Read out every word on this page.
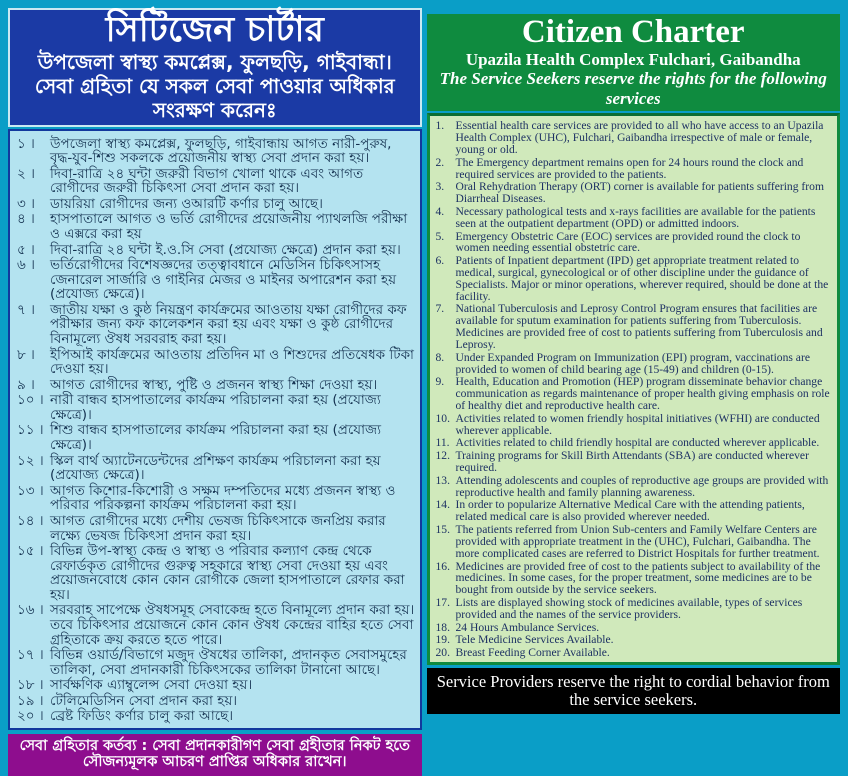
সিটিজেন চার্টার
উপজেলা স্বাস্থ্য কমপ্লেক্স, ফুলছড়ি, গাইবান্ধা।
সেবা গ্রহিতা যে সকল সেবা পাওয়ার অধিকার সংরক্ষণ করেনঃ
১ ।	উপজেলা স্বাস্থ্য কমপ্লেক্স, ফুলছড়ি, গাইবান্ধায় আগত নারী-পুরুষ, বৃদ্ধ-যুব-শিশু সকলকে প্রয়োজনীয় স্বাস্থ্য সেবা প্রদান করা হয়।
২ ।	দিবা-রাত্রি ২৪ ঘন্টা জরুরী বিভাগ খোলা থাকে এবং আগত রোগীদের জরুরী চিকিৎসা সেবা প্রদান করা হয়।
৩ ।	ডায়রিয়া রোগীদের জন্য ওআরটি কর্ণার চালু আছে।
৪ ।	হাসপাতালে আগত ও ভর্তি রোগীদের প্রয়োজনীয় প্যাথলজি পরীক্ষা ও এক্সরে করা হয়
৫ ।	দিবা-রাত্রি ২৪ ঘন্টা ই.ও.সি সেবা (প্রযোজ্য ক্ষেত্রে) প্রদান করা হয়।
৬ ।	ভর্তিরোগীদের বিশেষজ্ঞদের তত্ত্বাবধানে মেডিসিন চিকিৎসাসহ জেনারেল সার্জারি ও গাইনির মেজর ও মাইনর অপারেশন করা হয় (প্রযোজ্য ক্ষেত্রে)।
৭ ।	জাতীয় যক্ষা ও কুষ্ঠ নিয়ন্ত্রণ কার্যক্রমের আওতায় যক্ষা রোগীদের কফ পরীক্ষার জন্য কফ কালেকশন করা হয় এবং যক্ষা ও কুষ্ঠ রোগীদের বিনামূল্যে ঔষধ সরবরাহ করা হয়।
৮ ।	ইপিআই কার্যক্রমের আওতায় প্রতিদিন মা ও শিশুদের প্রতিষেধক টিকা দেওয়া হয়।
৯ ।	আগত রোগীদের স্বাস্থ্য, পুষ্টি ও প্রজনন স্বাস্থ্য শিক্ষা দেওয়া হয়।
১০ । নারী বান্ধব হাসপাতালের কার্যক্রম পরিচালনা করা হয় (প্রযোজ্য ক্ষেত্রে)।
১১ । শিশু বান্ধব হাসপাতালের কার্যক্রম পরিচালনা করা হয় (প্রযোজ্য ক্ষেত্রে)।
১২ । স্কিল বার্থ অ্যাটেনডেন্টদের প্রশিক্ষণ কার্যক্রম পরিচালনা করা হয় (প্রযোজ্য ক্ষেত্রে)।
১৩ । আগত কিশোর-কিশোরী ও সক্ষম দম্পতিদের মধ্যে প্রজনন স্বাস্থ্য ও পরিবার পরিকল্পনা কার্যক্রম পরিচালনা করা হয়।
১৪ । আগত রোগীদের মধ্যে দেশীয় ভেষজ চিকিৎসাকে জনপ্রিয় করার লক্ষ্যে ভেষজ চিকিৎসা প্রদান করা হয়।
১৫ । বিভিন্ন উপ-স্বাস্থ্য কেন্দ্র ও স্বাস্থ্য ও পরিবার কল্যাণ কেন্দ্র থেকে রেফার্ডকৃত রোগীদের গুরুত্ব সহকারে স্বাস্থ্য সেবা দেওয়া হয় এবং প্রয়োজনবোধে কোন কোন রোগীকে জেলা হাসপাতালে রেফার করা হয়।
১৬ । সরবরাহ সাপেক্ষে ঔষধসমূহ সেবাকেন্দ্র হতে বিনামূল্যে প্রদান করা হয়। তবে চিকিৎসার প্রয়োজনে কোন কোন ঔষধ কেন্দ্রের বাহির হতে সেবা গ্রহিতাকে ক্রয় করতে হতে পারে।
১৭ । বিভিন্ন ওয়ার্ড/বিভাগে মজুদ ঔষধের তালিকা, প্রদানকৃত সেবাসমুহের তালিকা, সেবা প্রদানকারী চিকিৎসকের তালিকা টানানো আছে।
১৮ । সার্বক্ষণিক এ্যাম্বুলেন্স সেবা দেওয়া হয়।
১৯ । টেলিমেডিসিন সেবা প্রদান করা হয়।
২০ । ব্রেষ্ট ফিডিং কর্ণার চালু করা আছে।
সেবা গ্রহিতার কর্তব্য : সেবা প্রদানকারীগণ সেবা গ্রহীতার নিকট হতে সৌজন্যমূলক আচরণ প্রাপ্তির অধিকার রাখেন।
Citizen Charter
Upazila Health Complex Fulchari, Gaibandha
The Service Seekers reserve the rights for the following services
1. Essential health care services are provided to all who have access to an Upazila Health Complex (UHC), Fulchari, Gaibandha irrespective of male or female, young or old.
2. The Emergency department remains open for 24 hours round the clock and required services are provided to the patients.
3. Oral Rehydration Therapy (ORT) corner is available for patients suffering from Diarrheal Diseases.
4. Necessary pathological tests and x-rays facilities are available for the patients seen at the outpatient department (OPD) or admitted indoors.
5. Emergency Obstetric Care (EOC) services are provided round the clock to women needing essential obstetric care.
6. Patients of Inpatient department (IPD) get appropriate treatment related to medical, surgical, gynecological or of other discipline under the guidance of Specialists. Major or minor operations, wherever required, should be done at the facility.
7. National Tuberculosis and Leprosy Control Program ensures that facilities are available for sputum examination for patients suffering from Tuberculosis. Medicines are provided free of cost to patients suffering from Tuberculosis and Leprosy.
8. Under Expanded Program on Immunization (EPI) program, vaccinations are provided to women of child bearing age (15-49) and children (0-15).
9. Health, Education and Promotion (HEP) program disseminate behavior change communication as regards maintenance of proper health giving emphasis on role of healthy diet and reproductive health care.
10. Activities related to women friendly hospital initiatives (WFHI) are conducted wherever applicable.
11. Activities related to child friendly hospital are conducted wherever applicable.
12. Training programs for Skill Birth Attendants (SBA) are conducted wherever required.
13. Attending adolescents and couples of reproductive age groups are provided with reproductive health and family planning awareness.
14. In order to popularize Alternative Medical Care with the attending patients, related medical care is also provided wherever needed.
15. The patients referred from Union Sub-centers and Family Welfare Centers are provided with appropriate treatment in the (UHC), Fulchari, Gaibandha. The more complicated cases are referred to District Hospitals for further treatment.
16. Medicines are provided free of cost to the patients subject to availability of the medicines. In some cases, for the proper treatment, some medicines are to be bought from outside by the service seekers.
17. Lists are displayed showing stock of medicines available, types of services provided and the names of the service providers.
18. 24 Hours Ambulance Services.
19. Tele Medicine Services Available.
20. Breast Feeding Corner Available.
Service Providers reserve the right to cordial behavior from the service seekers.
